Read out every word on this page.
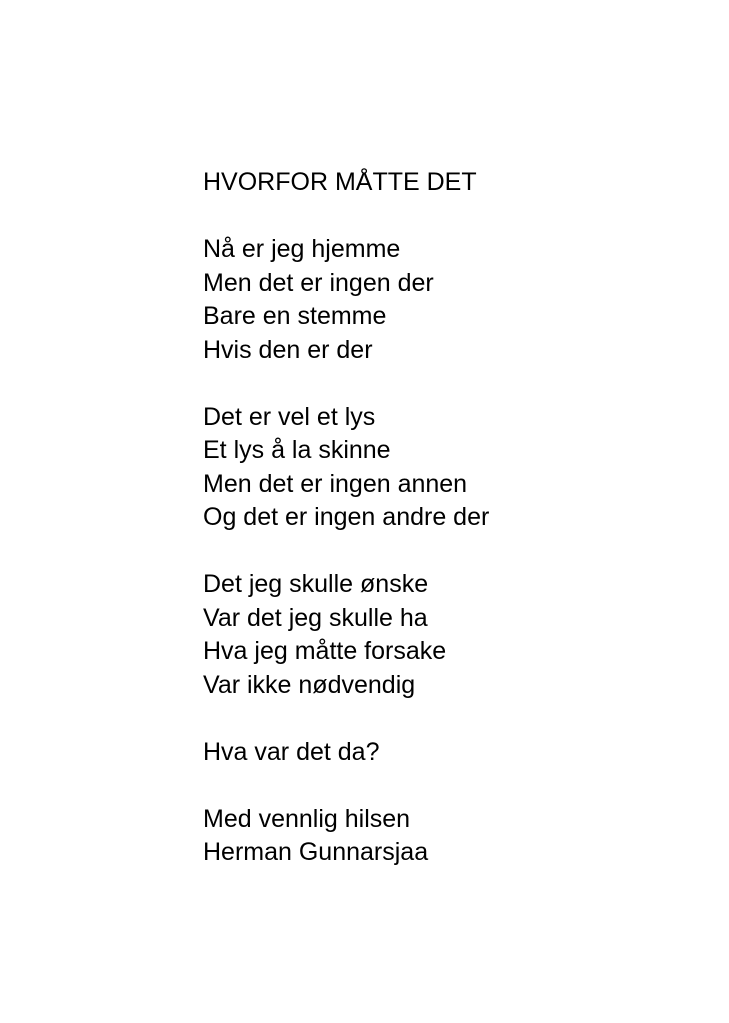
HVORFOR MÅTTE DET
Nå er jeg hjemme
Men det er ingen der
Bare en stemme
Hvis den er der
Det er vel et lys
Et lys å la skinne
Men det er ingen annen
Og det er ingen andre der
Det jeg skulle ønske
Var det jeg skulle ha
Hva jeg måtte forsake
Var ikke nødvendig
Hva var det da?
Med vennlig hilsen
Herman Gunnarsjaa
